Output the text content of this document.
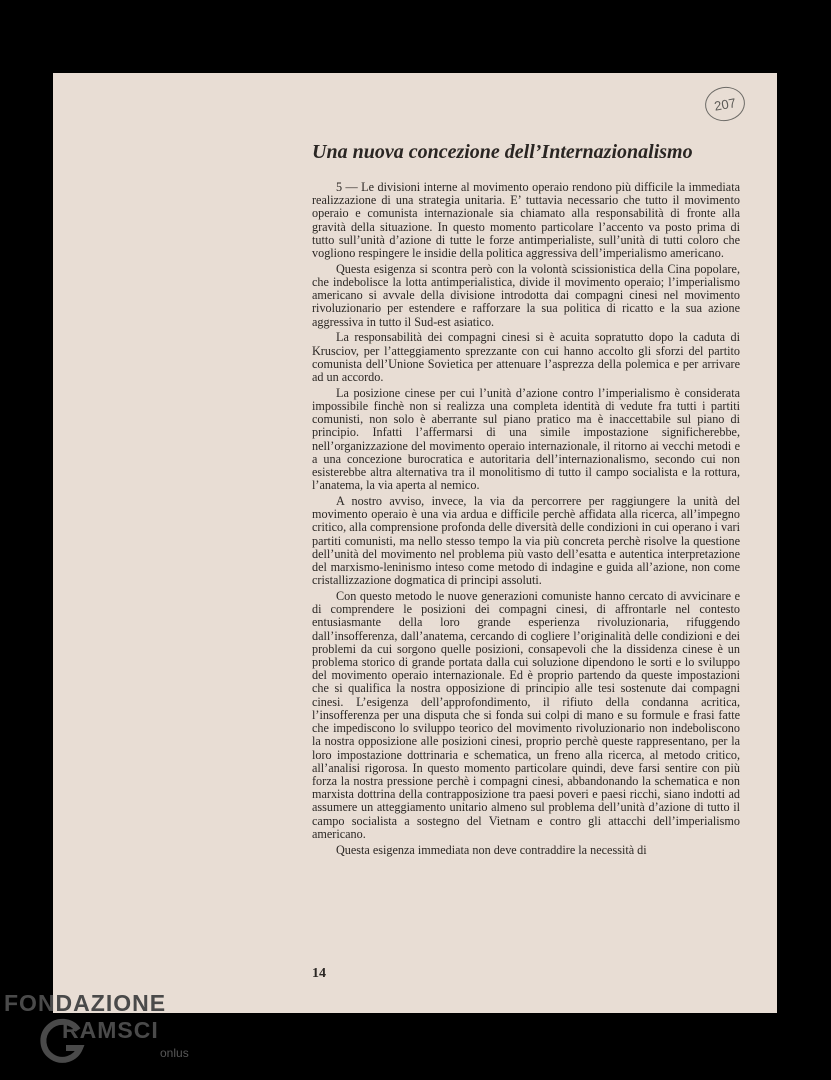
207
Una nuova concezione dell’Internazionalismo

5 — Le divisioni interne al movimento operaio rendono più difficile la immediata realizzazione di una strategia unitaria. E’ tuttavia necessario che tutto il movimento operaio e comunista internazionale sia chiamato alla responsabilità di fronte alla gravità della situazione. In questo momento particolare l’accento va posto prima di tutto sull’unità d’azione di tutte le forze antimperialiste, sull’unità di tutti coloro che vogliono respingere le insidie della politica aggressiva dell’imperialismo americano.

Questa esigenza si scontra però con la volontà scissionistica della Cina popolare, che indebolisce la lotta antimperialistica, divide il movimento operaio; l’imperialismo americano si avvale della divisione introdotta dai compagni cinesi nel movimento rivoluzionario per estendere e rafforzare la sua politica di ricatto e la sua azione aggressiva in tutto il Sud-est asiatico.

La responsabilità dei compagni cinesi si è acuita sopratutto dopo la caduta di Krusciov, per l’atteggiamento sprezzante con cui hanno accolto gli sforzi del partito comunista dell’Unione Sovietica per attenuare l’asprezza della polemica e per arrivare ad un accordo.

La posizione cinese per cui l’unità d’azione contro l’imperialismo è considerata impossibile finchè non si realizza una completa identità di vedute fra tutti i partiti comunisti, non solo è aberrante sul piano pratico ma è inaccettabile sul piano di principio. Infatti l’affermarsi di una simile impostazione significherebbe, nell’organizzazione del movimento operaio internazionale, il ritorno ai vecchi metodi e a una concezione burocratica e autoritaria dell’internazionalismo, secondo cui non esisterebbe altra alternativa tra il monolitismo di tutto il campo socialista e la rottura, l’anatema, la via aperta al nemico.

A nostro avviso, invece, la via da percorrere per raggiungere la unità del movimento operaio è una via ardua e difficile perchè affidata alla ricerca, all’impegno critico, alla comprensione profonda delle diversità delle condizioni in cui operano i vari partiti comunisti, ma nello stesso tempo la via più concreta perchè risolve la questione dell’unità del movimento nel problema più vasto dell’esatta e autentica interpretazione del marxismo-leninismo inteso come metodo di indagine e guida all’azione, non come cristallizzazione dogmatica di principi assoluti.

Con questo metodo le nuove generazioni comuniste hanno cercato di avvicinare e di comprendere le posizioni dei compagni cinesi, di affrontarle nel contesto entusiasmante della loro grande esperienza rivoluzionaria, rifuggendo dall’insofferenza, dall’anatema, cercando di cogliere l’originalità delle condizioni e dei problemi da cui sorgono quelle posizioni, consapevoli che la dissidenza cinese è un problema storico di grande portata dalla cui soluzione dipendono le sorti e lo sviluppo del movimento operaio internazionale. Ed è proprio partendo da queste impostazioni che si qualifica la nostra opposizione di principio alle tesi sostenute dai compagni cinesi. L’esigenza dell’approfondimento, il rifiuto della condanna acritica, l’insofferenza per una disputa che si fonda sui colpi di mano e su formule e frasi fatte che impediscono lo sviluppo teorico del movimento rivoluzionario non indeboliscono la nostra opposizione alle posizioni cinesi, proprio perchè queste rappresentano, per la loro impostazione dottrinaria e schematica, un freno alla ricerca, al metodo critico, all’analisi rigorosa. In questo momento particolare quindi, deve farsi sentire con più forza la nostra pressione perchè i compagni cinesi, abbandonando la schematica e non marxista dottrina della contrapposizione tra paesi poveri e paesi ricchi, siano indotti ad assumere un atteggiamento unitario almeno sul problema dell’unità d’azione di tutto il campo socialista a sostegno del Vietnam e contro gli attacchi dell’imperialismo americano.

Questa esigenza immediata non deve contraddire la necessità di

14
FONDAZIONE
RAMSCI
onlus
